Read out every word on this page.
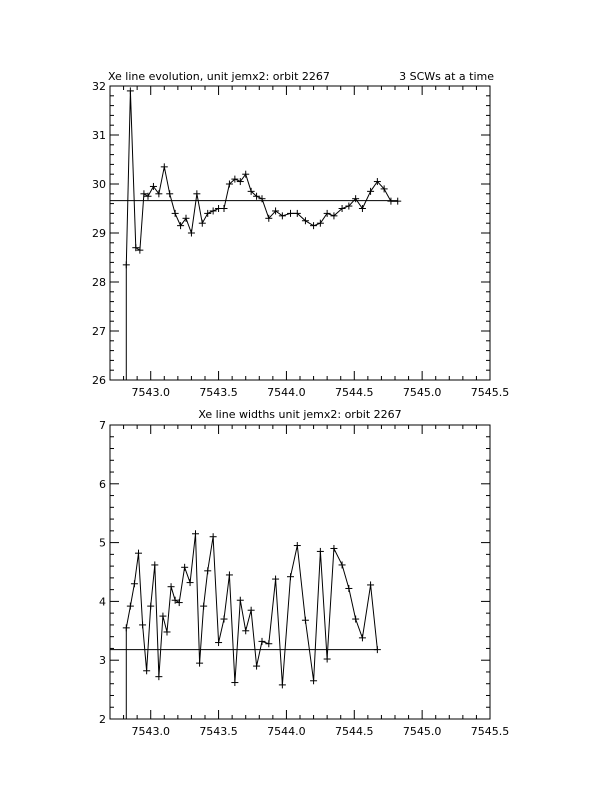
Xe line evolution, unit jemx2: orbit 2267	3 SCWs at a time
7543.0	7543.5	7544.0	7544.5	7545.0	7545.5
26
27
28
29
30
31
32
Xe line widths unit jemx2: orbit 2267
7543.0	7543.5	7544.0	7544.5	7545.0	7545.5
2
3
4
5
6
7
